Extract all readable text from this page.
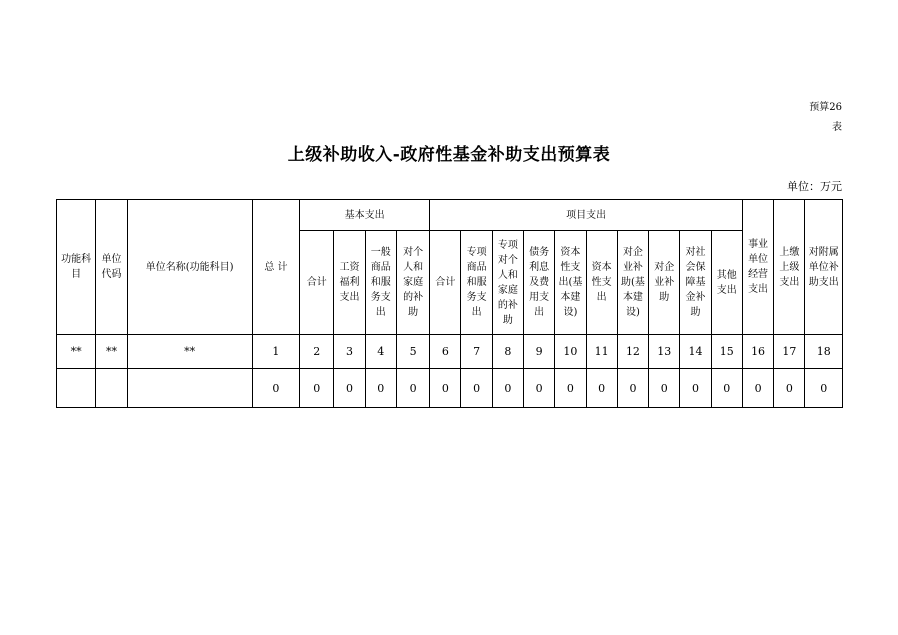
预算26
表
上级补助收入-政府性基金补助支出预算表
单位：万元
功能科目	单位代码	单位名称(功能科目)	总 计	基本支出				项目支出										事业单位经营支出	上缴上级支出	对附属单位补助支出
				合计	工资福利支出	一般商品和服务支出	对个人和家庭的补助	合计	专项商品和服务支出	专项对个人和家庭的补助	债务利息及费用支出	资本性支出(基本建设)	资本性支出	对企业补助(基本建设)	对企业补助	对社会保障基金补助	其他支出			
**	**	**	1	2	3	4	5	6	7	8	9	10	11	12	13	14	15	16	17	18
			0	0	0	0	0	0	0	0	0	0	0	0	0	0	0	0	0	0
